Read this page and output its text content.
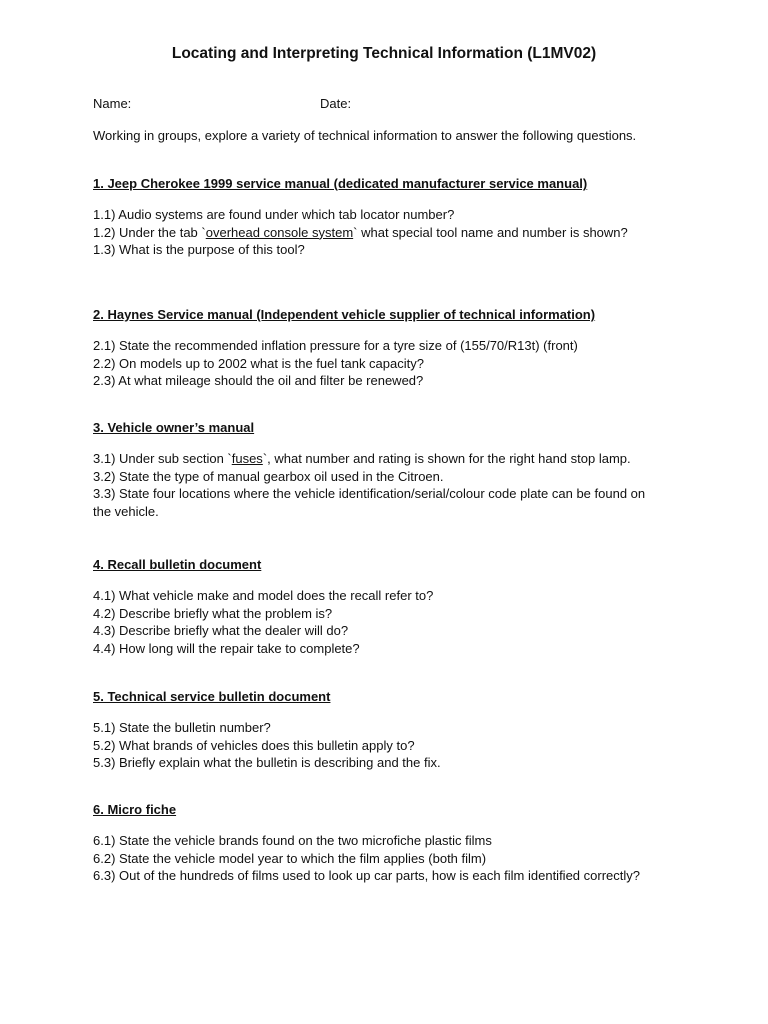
Locating and Interpreting Technical Information (L1MV02)
Name:	Date:
Working in groups, explore a variety of technical information to answer the following questions.
1. Jeep Cherokee 1999 service manual (dedicated manufacturer service manual)
1.1) Audio systems are found under which tab locator number?
1.2) Under the tab `overhead console system` what special tool name and number is shown?
1.3) What is the purpose of this tool?
2. Haynes Service manual (Independent vehicle supplier of technical information)
2.1) State the recommended inflation pressure for a tyre size of (155/70/R13t) (front)
2.2) On models up to 2002 what is the fuel tank capacity?
2.3) At what mileage should the oil and filter be renewed?
3. Vehicle owner’s manual
3.1) Under sub section `fuses`, what number and rating is shown for the right hand stop lamp.
3.2) State the type of manual gearbox oil used in the Citroen.
3.3) State four locations where the vehicle identification/serial/colour code plate can be found on the vehicle.
4. Recall bulletin document
4.1) What vehicle make and model does the recall refer to?
4.2) Describe briefly what the problem is?
4.3) Describe briefly what the dealer will do?
4.4) How long will the repair take to complete?
5. Technical service bulletin document
5.1) State the bulletin number?
5.2) What brands of vehicles does this bulletin apply to?
5.3) Briefly explain what the bulletin is describing and the fix.
6. Micro fiche
6.1) State the vehicle brands found on the two microfiche plastic films
6.2) State the vehicle model year to which the film applies (both film)
6.3) Out of the hundreds of films used to look up car parts, how is each film identified correctly?
